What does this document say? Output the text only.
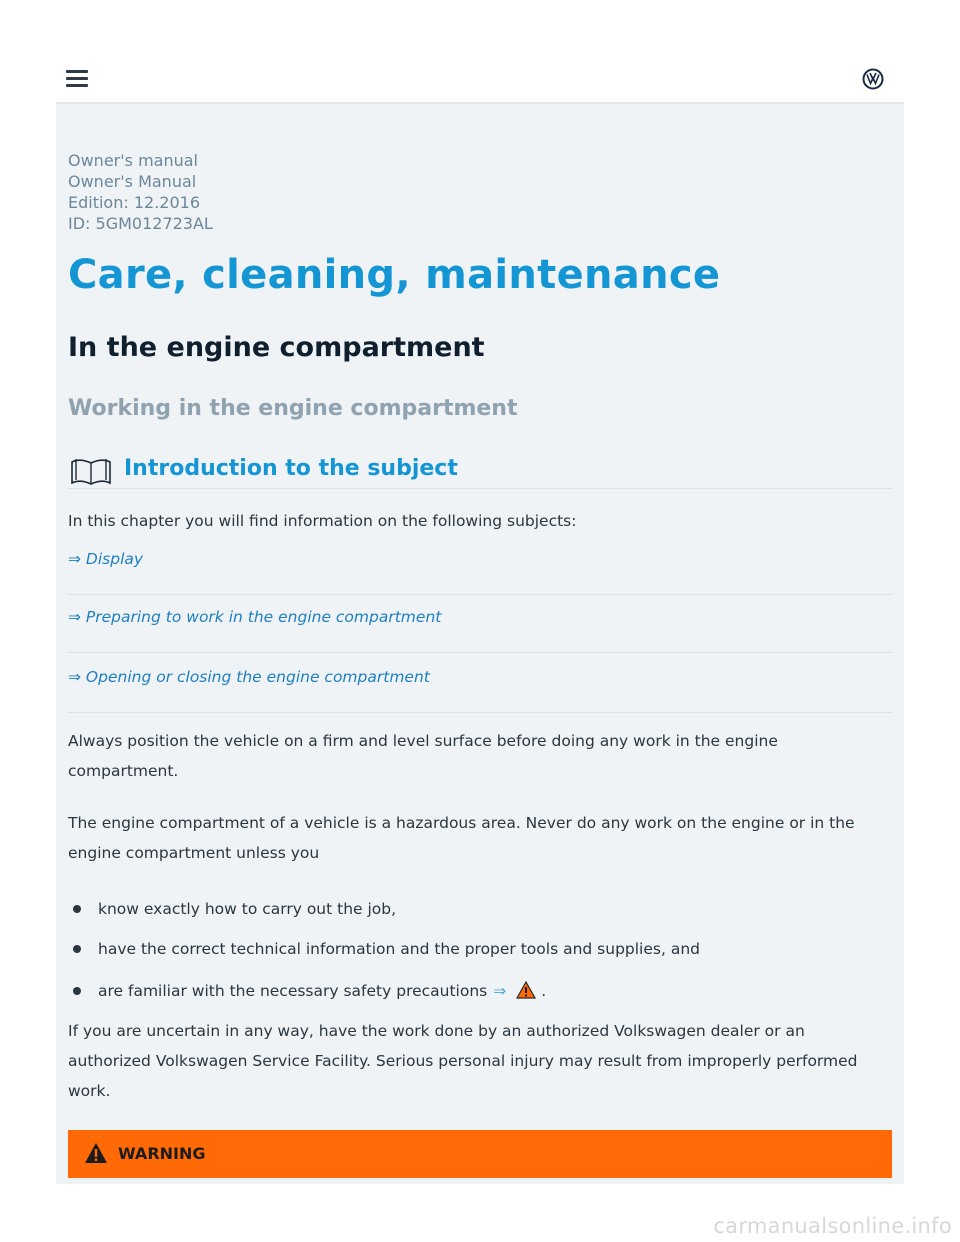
Owner's manual
Owner's Manual
Edition: 12.2016
ID: 5GM012723AL
Care, cleaning, maintenance
In the engine compartment
Working in the engine compartment
Introduction to the subject
In this chapter you will find information on the following subjects:
⇒ Display
⇒ Preparing to work in the engine compartment
⇒ Opening or closing the engine compartment
Always position the vehicle on a firm and level surface before doing any work in the engine
compartment.
The engine compartment of a vehicle is a hazardous area. Never do any work on the engine or in the
engine compartment unless you
know exactly how to carry out the job,
have the correct technical information and the proper tools and supplies, and
are familiar with the necessary safety precautions ⇒ .
If you are uncertain in any way, have the work done by an authorized Volkswagen dealer or an
authorized Volkswagen Service Facility. Serious personal injury may result from improperly performed
work.
WARNING
carmanualsonline.info
